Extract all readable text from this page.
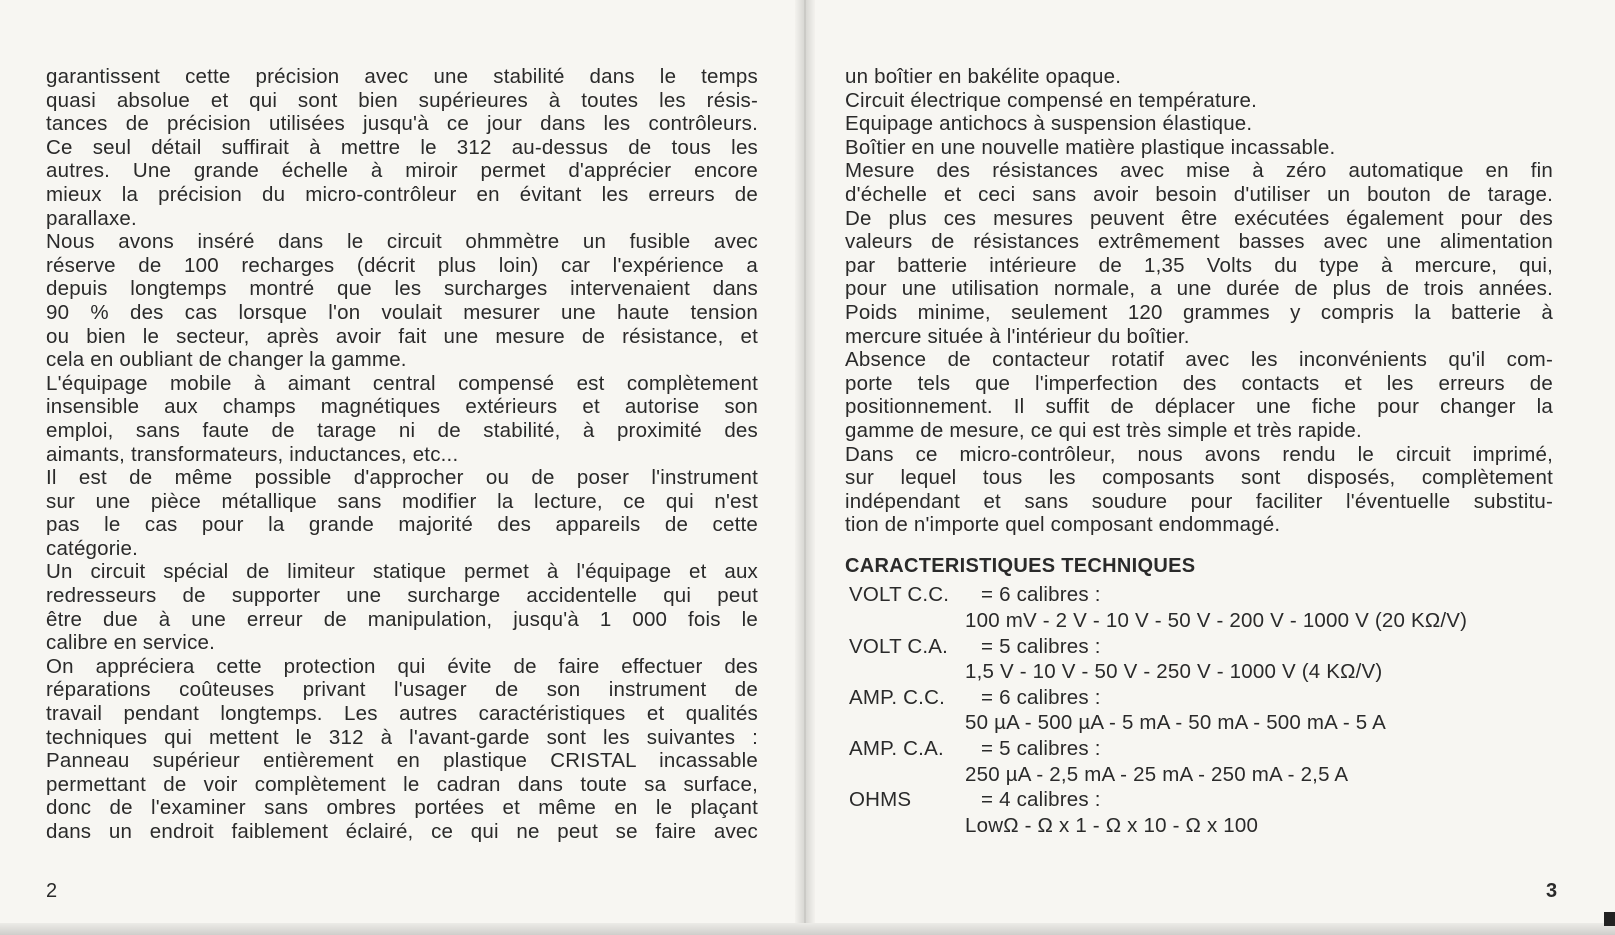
garantissent cette précision avec une stabilité dans le temps
quasi absolue et qui sont bien supérieures à toutes les résis-
tances de précision utilisées jusqu'à ce jour dans les contrôleurs.
Ce seul détail suffirait à mettre le 312 au-dessus de tous les
autres. Une grande échelle à miroir permet d'apprécier encore
mieux la précision du micro-contrôleur en évitant les erreurs de
parallaxe.
Nous avons inséré dans le circuit ohmmètre un fusible avec
réserve de 100 recharges (décrit plus loin) car l'expérience a
depuis longtemps montré que les surcharges intervenaient dans
90 % des cas lorsque l'on voulait mesurer une haute tension
ou bien le secteur, après avoir fait une mesure de résistance, et
cela en oubliant de changer la gamme.
L'équipage mobile à aimant central compensé est complètement
insensible aux champs magnétiques extérieurs et autorise son
emploi, sans faute de tarage ni de stabilité, à proximité des
aimants, transformateurs, inductances, etc...
Il est de même possible d'approcher ou de poser l'instrument
sur une pièce métallique sans modifier la lecture, ce qui n'est
pas le cas pour la grande majorité des appareils de cette
catégorie.
Un circuit spécial de limiteur statique permet à l'équipage et aux
redresseurs de supporter une surcharge accidentelle qui peut
être due à une erreur de manipulation, jusqu'à 1 000 fois le
calibre en service.
On appréciera cette protection qui évite de faire effectuer des
réparations coûteuses privant l'usager de son instrument de
travail pendant longtemps. Les autres caractéristiques et qualités
techniques qui mettent le 312 à l'avant-garde sont les suivantes :
Panneau supérieur entièrement en plastique CRISTAL incassable
permettant de voir complètement le cadran dans toute sa surface,
donc de l'examiner sans ombres portées et même en le plaçant
dans un endroit faiblement éclairé, ce qui ne peut se faire avec
un boîtier en bakélite opaque.
Circuit électrique compensé en température.
Equipage antichocs à suspension élastique.
Boîtier en une nouvelle matière plastique incassable.
Mesure des résistances avec mise à zéro automatique en fin
d'échelle et ceci sans avoir besoin d'utiliser un bouton de tarage.
De plus ces mesures peuvent être exécutées également pour des
valeurs de résistances extrêmement basses avec une alimentation
par batterie intérieure de 1,35 Volts du type à mercure, qui,
pour une utilisation normale, a une durée de plus de trois années.
Poids minime, seulement 120 grammes y compris la batterie à
mercure située à l'intérieur du boîtier.
Absence de contacteur rotatif avec les inconvénients qu'il com-
porte tels que l'imperfection des contacts et les erreurs de
positionnement. Il suffit de déplacer une fiche pour changer la
gamme de mesure, ce qui est très simple et très rapide.
Dans ce micro-contrôleur, nous avons rendu le circuit imprimé,
sur lequel tous les composants sont disposés, complètement
indépendant et sans soudure pour faciliter l'éventuelle substitu-
tion de n'importe quel composant endommagé.
CARACTERISTIQUES TECHNIQUES
VOLT C.C. = 6 calibres :
100 mV - 2 V - 10 V - 50 V - 200 V - 1000 V (20 KΩ/V)
VOLT C.A. = 5 calibres :
1,5 V - 10 V - 50 V - 250 V - 1000 V (4 KΩ/V)
AMP. C.C. = 6 calibres :
50 µA - 500 µA - 5 mA - 50 mA - 500 mA - 5 A
AMP. C.A. = 5 calibres :
250 µA - 2,5 mA - 25 mA - 250 mA - 2,5 A
OHMS	= 4 calibres :
LowΩ - Ω x 1 - Ω x 10 - Ω x 100
2	3
